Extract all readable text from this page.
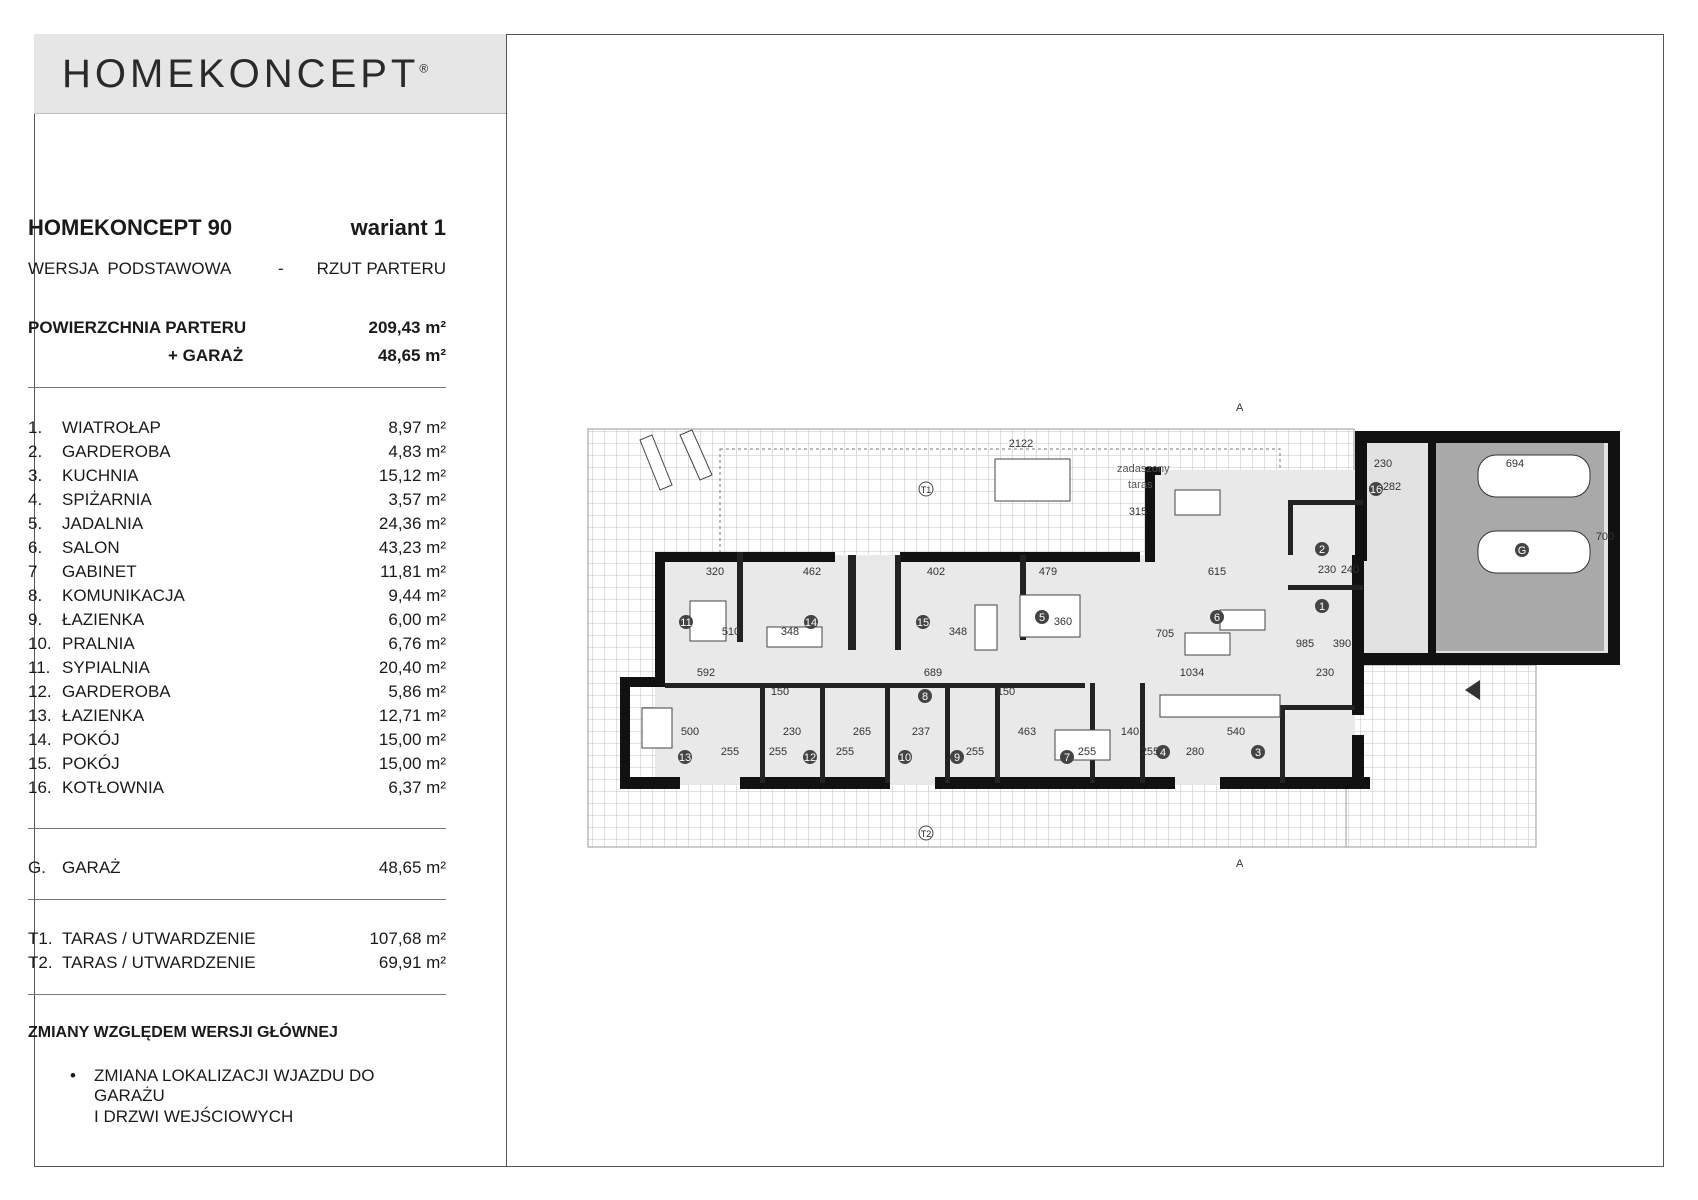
HOMEKONCEPT®
HOMEKONCEPT 90	wariant 1
WERSJA  PODSTAWOWA	- RZUT PARTERU
POWIERZCHNIA PARTERU	209,43 m²
+ GARAŻ	48,65 m²
1. WIATROŁAP	8,97 m²
2. GARDEROBA	4,83 m²
3. KUCHNIA	15,12 m²
4. SPIŻARNIA	3,57 m²
5. JADALNIA	24,36 m²
6. SALON	43,23 m²
7 GABINET	11,81 m²
8. KOMUNIKACJA	9,44 m²
9. ŁAZIENKA	6,00 m²
10. PRALNIA	6,76 m²
11. SYPIALNIA	20,40 m²
12. GARDEROBA	5,86 m²
13. ŁAZIENKA	12,71 m²
14. POKÓJ	15,00 m²
15. POKÓJ	15,00 m²
16. KOTŁOWNIA	6,37 m²
G. GARAŻ	48,65 m²
T1. TARAS / UTWARDZENIE	107,68 m²
T2. TARAS / UTWARDZENIE	69,91 m²
ZMIANY WZGLĘDEM WERSJI GŁÓWNEJ
• ZMIANA LOKALIZACJI WJAZDU DO GARAŻU
I DRZWI WEJŚCIOWYCH
1
2
3
4
5	6
7
8
9
10
11
12
13
14	15
16
G
T1
T2
2122
315
230
282
694
700
320	462	402	479	615	230 240
510	348	348
360
705
985 390
592	689	1034	230
150	150
500	230	265	237	463	140	540
255	255	255	255	255	255 280
zadaszony
taras
A
A
